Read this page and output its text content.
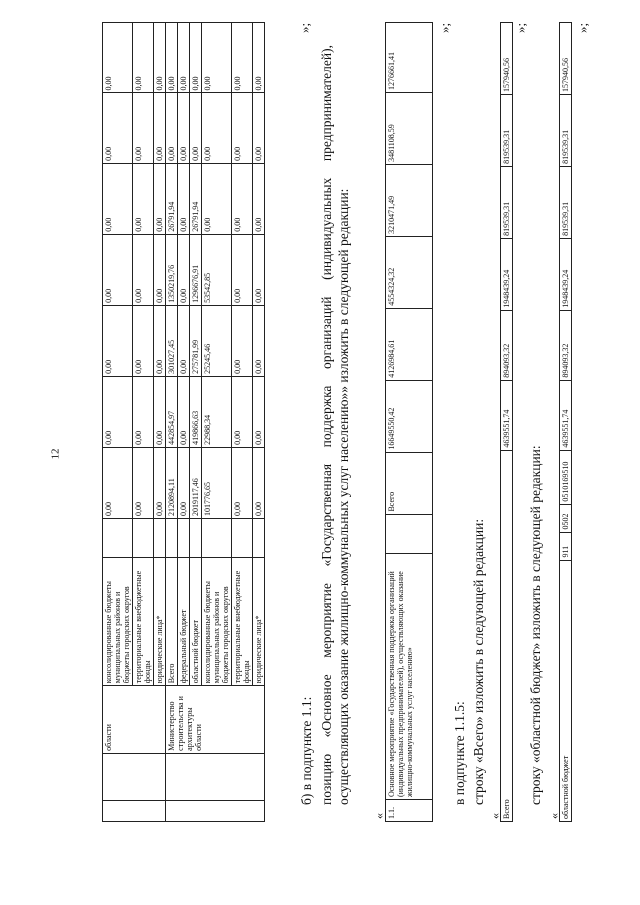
12
		области	консолидированные бюджеты муниципальных районов и бюджеты городских округов		0,00	0,00	0,00	0,00	0,00	0,00	0,00
			территориальные внебюджетные фонды		0,00	0,00	0,00	0,00	0,00	0,00	0,00
			юридические лица*		0,00	0,00	0,00	0,00	0,00	0,00	0,00
		Министерство строительства и архитектуры области	Всего		2120894,11	442854,97	301027,45	1350219,76	26791,94	0,00	0,00
			федеральный бюджет		0,00	0,00	0,00	0,00	0,00	0,00	0,00
			областной бюджет		2019117,46	419866,63	275781,99	1296676,91	26791,94	0,00	0,00
			консолидированные бюджеты муниципальных районов и бюджеты городских округов		101776,65	22988,34	25245,46	53542,85	0,00	0,00	0,00
			территориальные внебюджетные фонды		0,00	0,00	0,00	0,00	0,00	0,00	0,00
			юридические лица*		0,00	0,00	0,00	0,00	0,00	0,00	0,00
»;
б) в подпункте 1.1: позицию «Основное мероприятие «Государственная поддержка организаций (индивидуальных предпринимателей), осуществляющих оказание жилищно-коммунальных услуг населению»» изложить в следующей редакции:
« 1.1.	Основное мероприятие «Государственная поддержка организаций (индивидуальных предпринимателей), осуществляющих оказание жилищно-коммунальных услуг населению»		Всего	16649550,42	4126984,61	4554324,32	3210471,49	3481108,59	1276661,41
»;
в подпункте 1.1.5: строку «Всего» изложить в следующей редакции:
« Всего	4639551,74	894093,32	1948439,24	819539,31	819539,31	157940,56
»;
строку «областной бюджет» изложить в следующей редакции:
« областной бюджет	911	0502	0510169510	4639551,74	894093,32	1948439,24	819539,31	819539,31	157940,56
»;
